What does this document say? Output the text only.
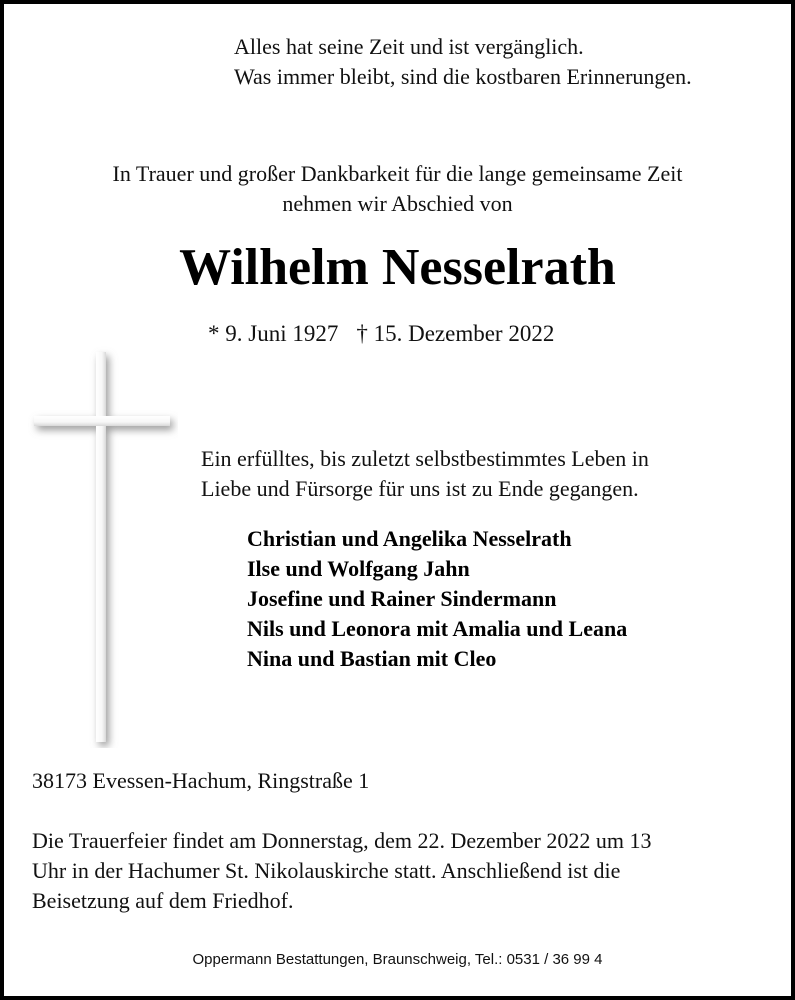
Alles hat seine Zeit und ist vergänglich.
Was immer bleibt, sind die kostbaren Erinnerungen.
In Trauer und großer Dankbarkeit für die lange gemeinsame Zeit
nehmen wir Abschied von
Wilhelm Nesselrath
* 9. Juni 1927 † 15. Dezember 2022
Ein erfülltes, bis zuletzt selbstbestimmtes Leben in
Liebe und Fürsorge für uns ist zu Ende gegangen.
Christian und Angelika Nesselrath
Ilse und Wolfgang Jahn
Josefine und Rainer Sindermann
Nils und Leonora mit Amalia und Leana
Nina und Bastian mit Cleo
38173 Evessen-Hachum, Ringstraße 1
Die Trauerfeier findet am Donnerstag, dem 22. Dezember 2022 um 13
Uhr in der Hachumer St. Nikolauskirche statt. Anschließend ist die
Beisetzung auf dem Friedhof.
Oppermann Bestattungen, Braunschweig, Tel.: 0531 / 36 99 4
